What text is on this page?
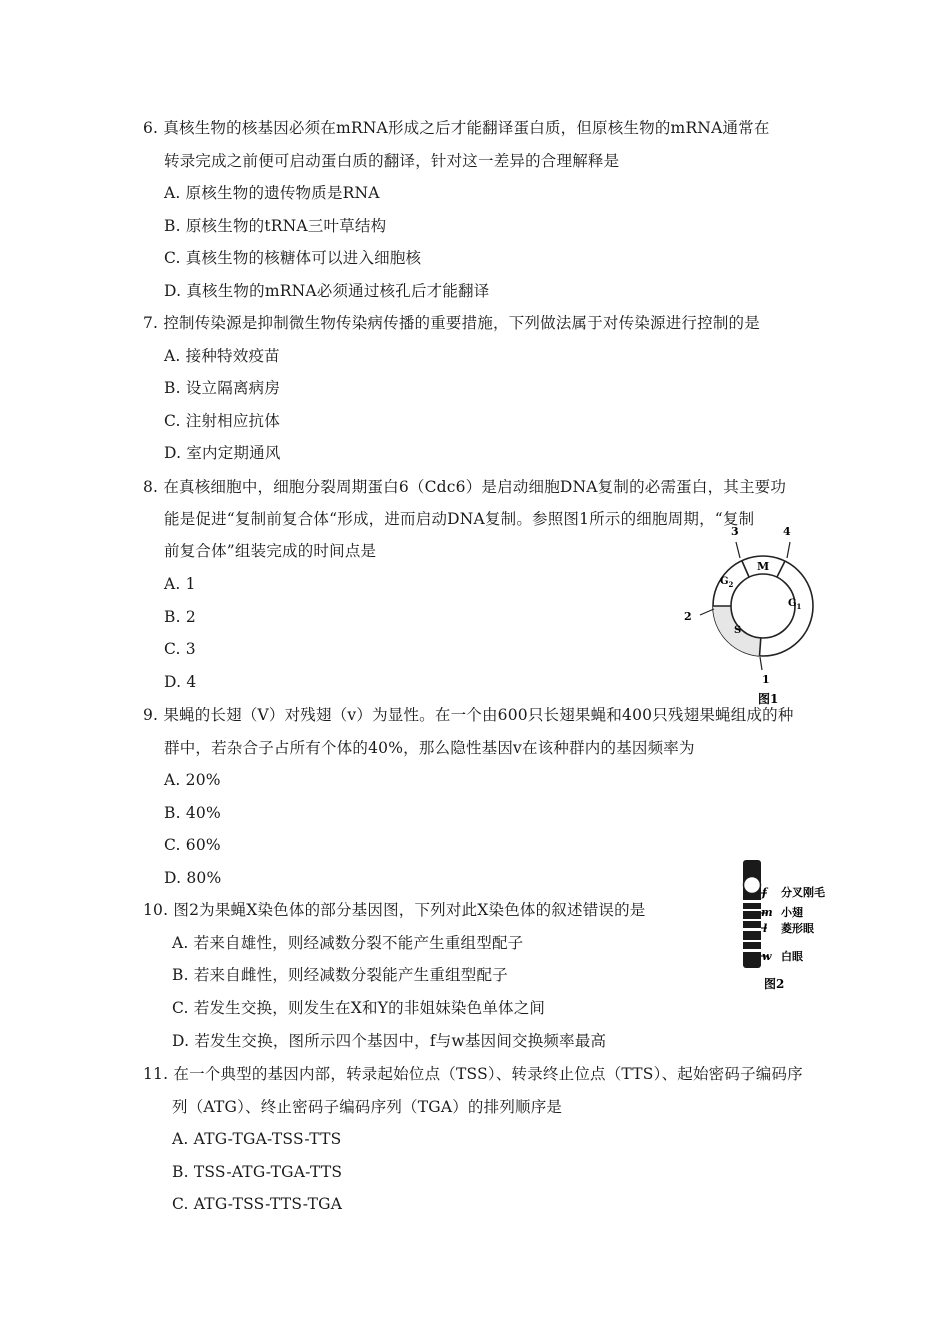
6. 真核生物的核基因必须在mRNA形成之后才能翻译蛋白质，但原核生物的mRNA通常在
转录完成之前便可启动蛋白质的翻译，针对这一差异的合理解释是
A. 原核生物的遗传物质是RNA
B. 原核生物的tRNA三叶草结构
C. 真核生物的核糖体可以进入细胞核
D. 真核生物的mRNA必须通过核孔后才能翻译
7. 控制传染源是抑制微生物传染病传播的重要措施，下列做法属于对传染源进行控制的是
A. 接种特效疫苗
B. 设立隔离病房
C. 注射相应抗体
D. 室内定期通风
8. 在真核细胞中，细胞分裂周期蛋白6（Cdc6）是启动细胞DNA复制的必需蛋白，其主要功
能是促进“复制前复合体“形成，进而启动DNA复制。参照图1所示的细胞周期，“复制
前复合体”组装完成的时间点是
A. 1
B. 2
C. 3
D. 4
M
$G_1$
S
$G_2$
1
2
3	4
图1
9. 果蝇的长翅（V）对残翅（v）为显性。在一个由600只长翅果蝇和400只残翅果蝇组成的种
群中，若杂合子占所有个体的40%，那么隐性基因v在该种群内的基因频率为
A. 20%
B. 40%
C. 60%
D. 80%
f
m
l
w
分叉刚毛
小翅
菱形眼
白眼
图2
10. 图2为果蝇X染色体的部分基因图，下列对此X染色体的叙述错误的是
A. 若来自雄性，则经减数分裂不能产生重组型配子
B. 若来自雌性，则经减数分裂能产生重组型配子
C. 若发生交换，则发生在X和Y的非姐妹染色单体之间
D. 若发生交换，图所示四个基因中，f与w基因间交换频率最高
11. 在一个典型的基因内部，转录起始位点（TSS）、转录终止位点（TTS）、起始密码子编码序
列（ATG）、终止密码子编码序列（TGA）的排列顺序是
A. ATG-TGA-TSS-TTS
B. TSS-ATG-TGA-TTS
C. ATG-TSS-TTS-TGA
